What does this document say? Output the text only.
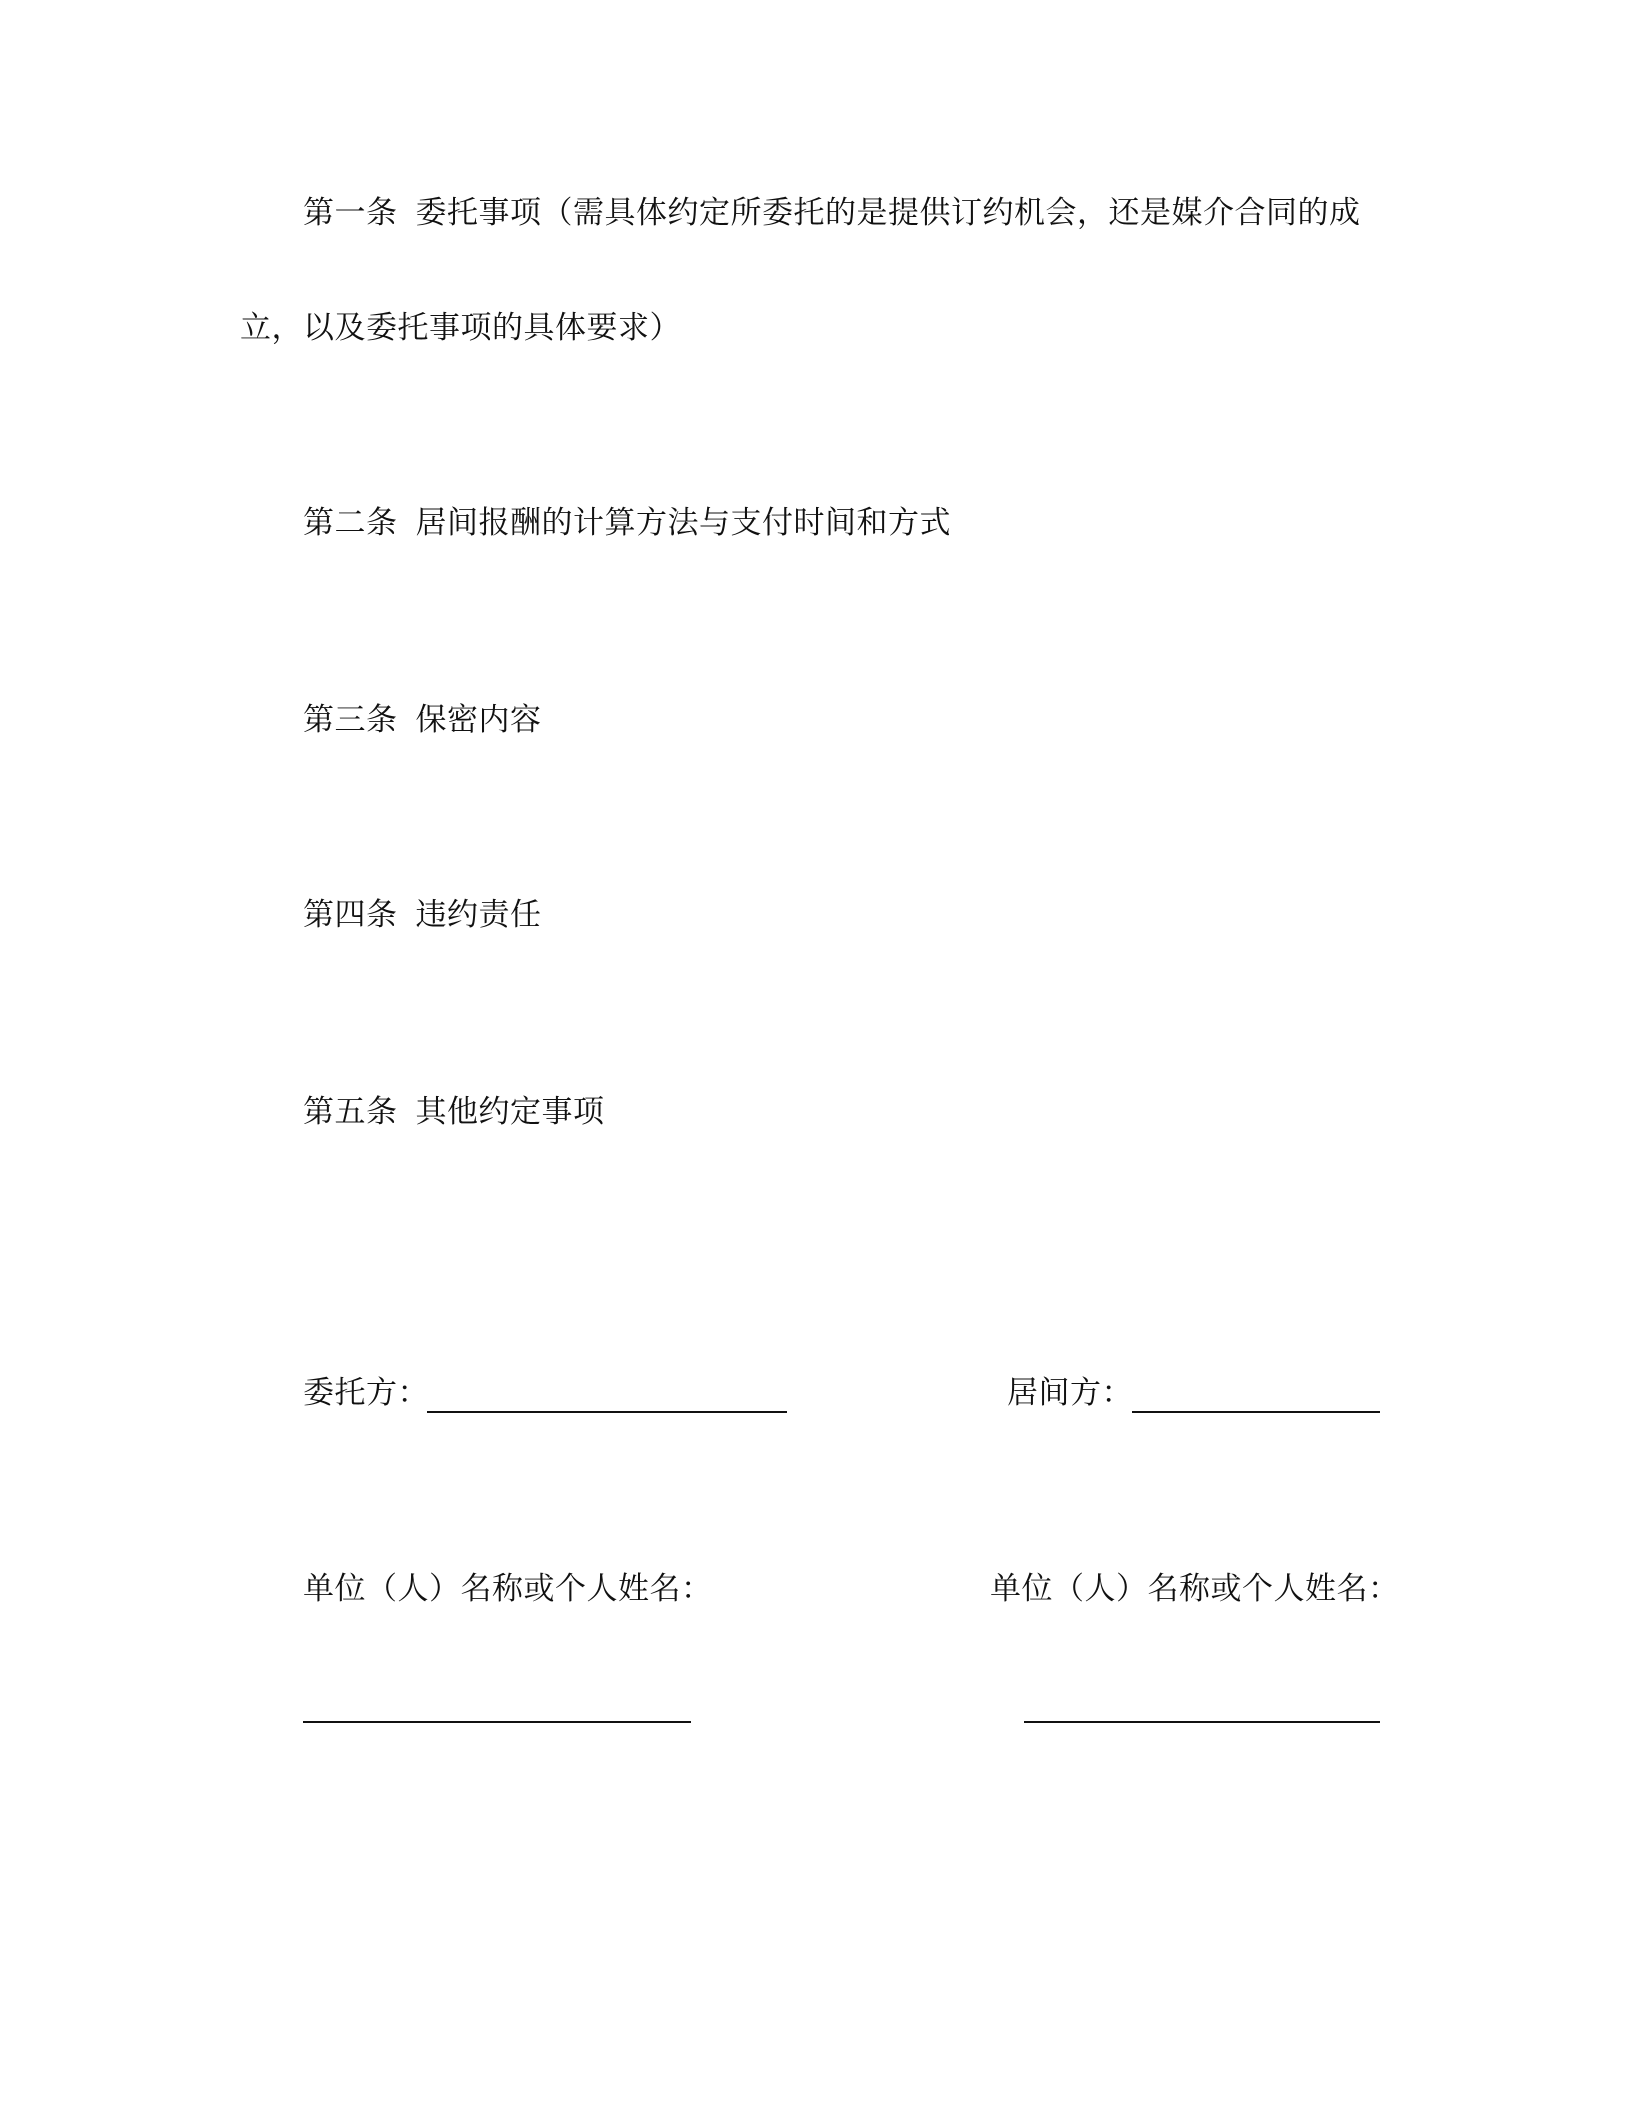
第一条 委托事项（需具体约定所委托的是提供订约机会，还是媒介合同的成
立，以及委托事项的具体要求）
第二条 居间报酬的计算方法与支付时间和方式
第三条 保密内容
第四条 违约责任
第五条 其他约定事项
委托方：	居间方：
单位（人）名称或个人姓名：	单位（人）名称或个人姓名：
